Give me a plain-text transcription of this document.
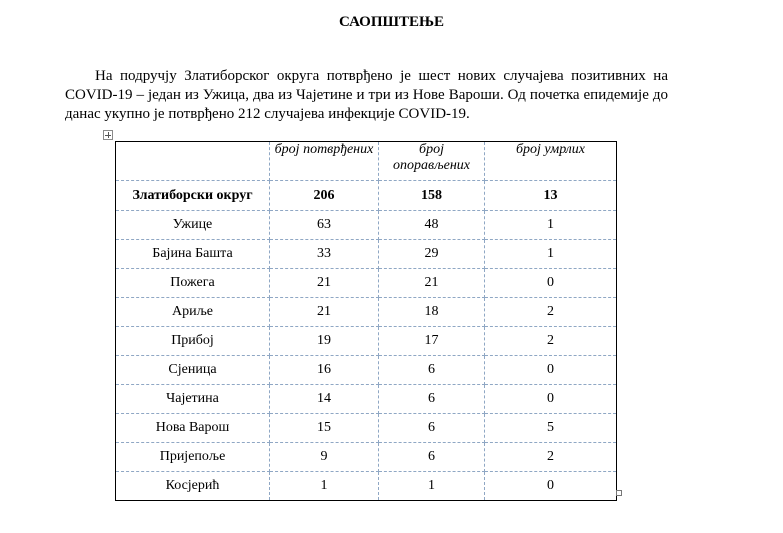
САОПШТЕЊЕ
На подручју Златиборског округа потврђено је шест нових случајева позитивних на COVID-19 – један из Ужица, два из Чајетине и три из Нове Вароши. Од почетка епидемије до данас укупно је потврђено 212 случајева инфекције COVID-19.
	број потврђених	број опорављених	број умрлих
Златиборски округ	206	158	13
Ужице	63	48	1
Бајина Башта	33	29	1
Пожега	21	21	0
Ариље	21	18	2
Прибој	19	17	2
Сјеница	16	6	0
Чајетина	14	6	0
Нова Варош	15	6	5
Пријепоље	9	6	2
Косјерић	1	1	0
